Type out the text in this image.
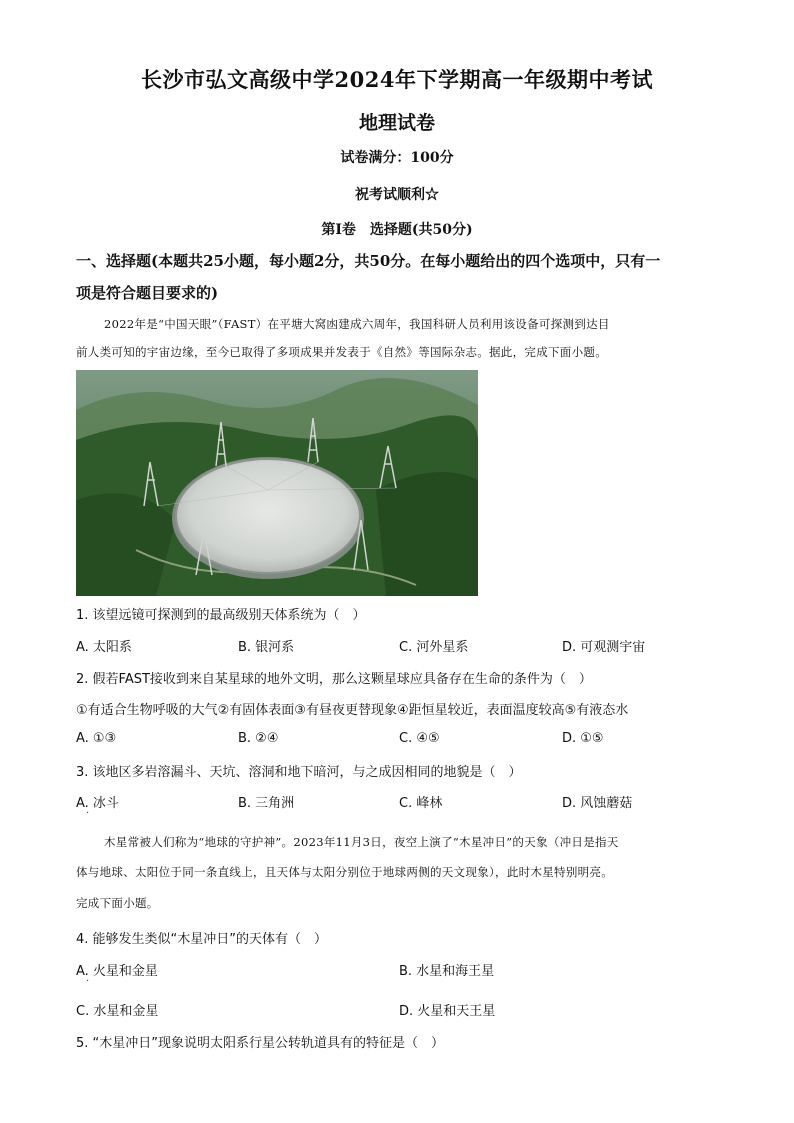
长沙市弘文高级中学2024年下学期高一年级期中考试
地理试卷
试卷满分：100分
祝考试顺利☆
第Ⅰ卷　选择题(共50分)
一、选择题(本题共25小题，每小题2分，共50分。在每小题给出的四个选项中，只有一
项是符合题目要求的)
2022年是“中国天眼”（FAST）在平塘大窝凼建成六周年，我国科研人员利用该设备可探测到达目
前人类可知的宇宙边缘，至今已取得了多项成果并发表于《自然》等国际杂志。据此，完成下面小题。
1. 该望远镜可探测到的最高级别天体系统为（　）
A. 太阳系	B. 银河系	C. 河外星系	D. 可观测宇宙
2. 假若FAST接收到来自某星球的地外文明，那么这颗星球应具备存在生命的条件为（　）
①有适合生物呼吸的大气②有固体表面③有昼夜更替现象④距恒星较近，表面温度较高⑤有液态水
A. ①③	B. ②④	C. ④⑤	D. ①⑤
3. 该地区多岩溶漏斗、天坑、溶洞和地下暗河，与之成因相同的地貌是（　）
A. 冰斗	B. 三角洲	C. 峰林	D. 风蚀蘑菇
·
木星常被人们称为“地球的守护神”。2023年11月3日，夜空上演了“木星冲日”的天象（冲日是指天
体与地球、太阳位于同一条直线上，且天体与太阳分别位于地球两侧的天文现象），此时木星特别明亮。
完成下面小题。
4. 能够发生类似“木星冲日”的天体有（　）
A. 火星和金星	B. 水星和海王星
·
C. 水星和金星	D. 火星和天王星
5. “木星冲日”现象说明太阳系行星公转轨道具有的特征是（　）
